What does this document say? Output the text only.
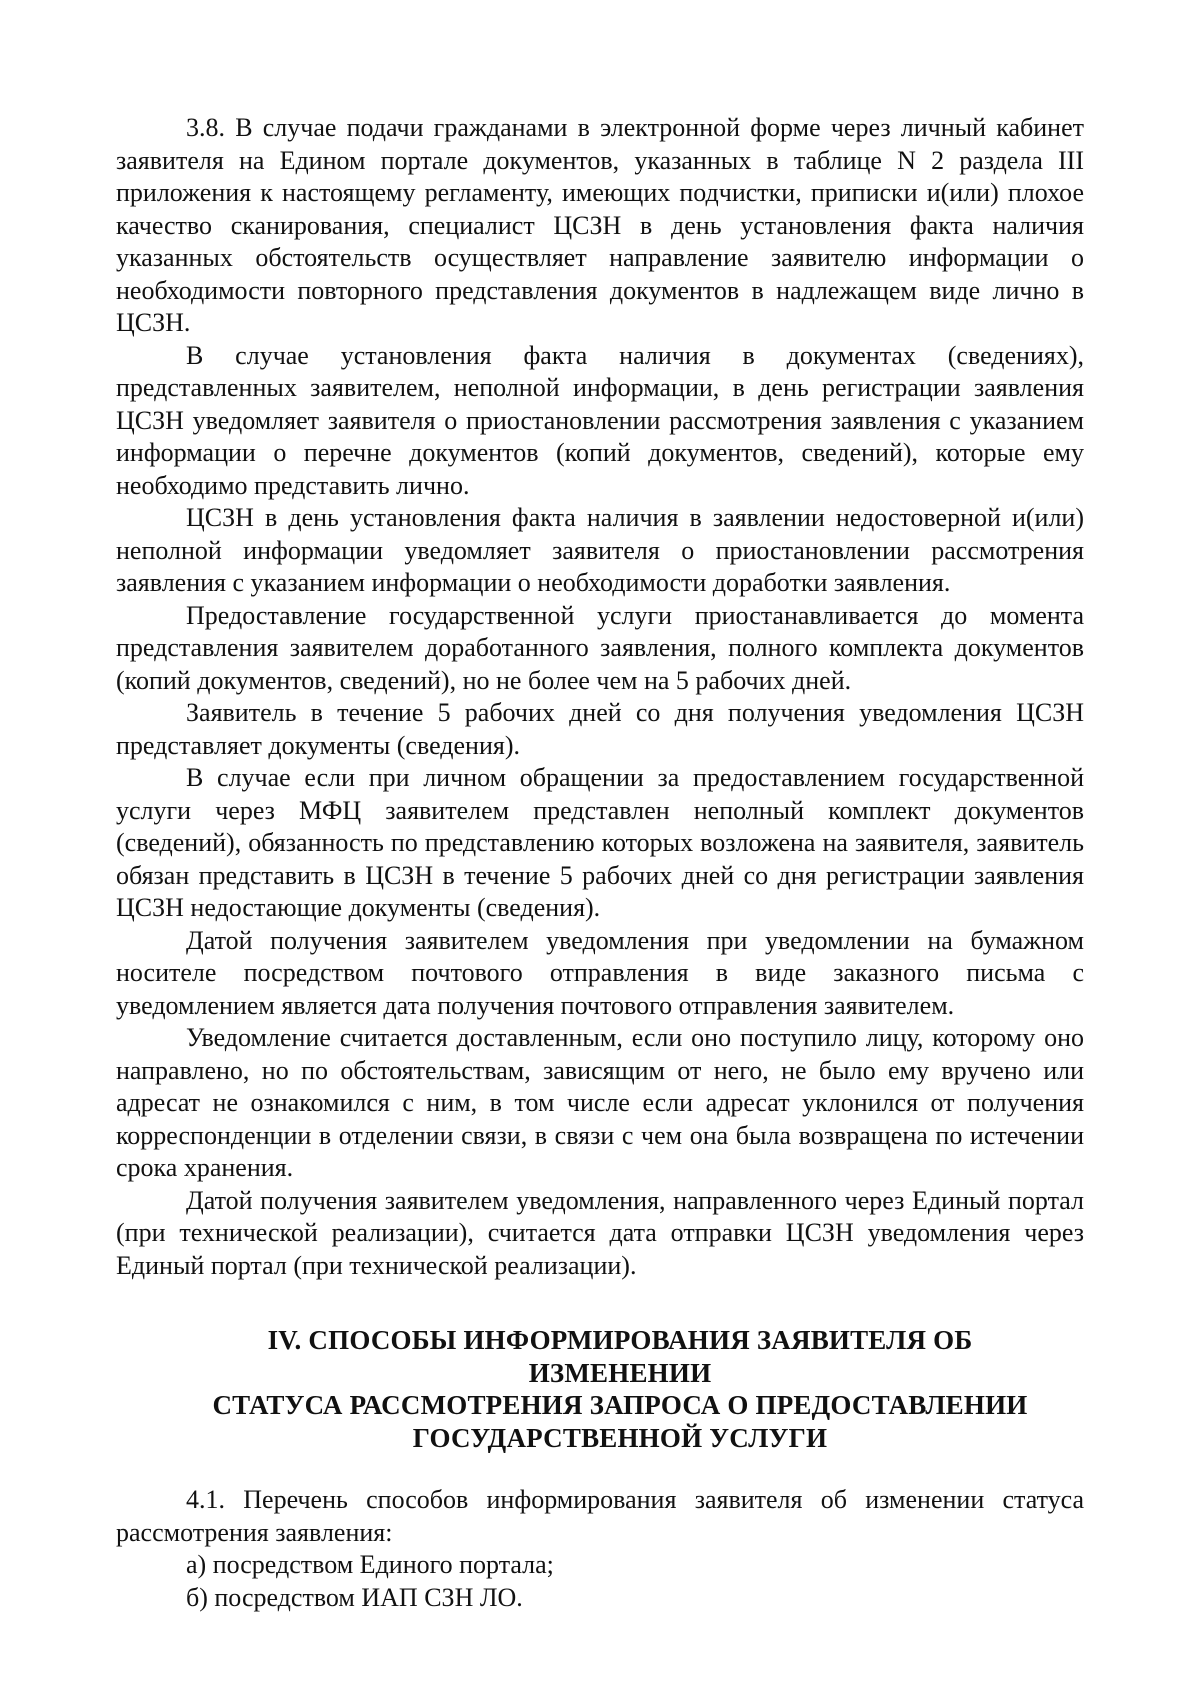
3.8. В случае подачи гражданами в электронной форме через личный кабинет заявителя на Едином портале документов, указанных в таблице N 2 раздела III приложения к настоящему регламенту, имеющих подчистки, приписки и(или) плохое качество сканирования, специалист ЦСЗН в день установления факта наличия указанных обстоятельств осуществляет направление заявителю информации о необходимости повторного представления документов в надлежащем виде лично в ЦСЗН.

В случае установления факта наличия в документах (сведениях), представленных заявителем, неполной информации, в день регистрации заявления ЦСЗН уведомляет заявителя о приостановлении рассмотрения заявления с указанием информации о перечне документов (копий документов, сведений), которые ему необходимо представить лично.

ЦСЗН в день установления факта наличия в заявлении недостоверной и(или) неполной информации уведомляет заявителя о приостановлении рассмотрения заявления с указанием информации о необходимости доработки заявления.

Предоставление государственной услуги приостанавливается до момента представления заявителем доработанного заявления, полного комплекта документов (копий документов, сведений), но не более чем на 5 рабочих дней.

Заявитель в течение 5 рабочих дней со дня получения уведомления ЦСЗН представляет документы (сведения).

В случае если при личном обращении за предоставлением государственной услуги через МФЦ заявителем представлен неполный комплект документов (сведений), обязанность по представлению которых возложена на заявителя, заявитель обязан представить в ЦСЗН в течение 5 рабочих дней со дня регистрации заявления ЦСЗН недостающие документы (сведения).

Датой получения заявителем уведомления при уведомлении на бумажном носителе посредством почтового отправления в виде заказного письма с уведомлением является дата получения почтового отправления заявителем.

Уведомление считается доставленным, если оно поступило лицу, которому оно направлено, но по обстоятельствам, зависящим от него, не было ему вручено или адресат не ознакомился с ним, в том числе если адресат уклонился от получения корреспонденции в отделении связи, в связи с чем она была возвращена по истечении срока хранения.

Датой получения заявителем уведомления, направленного через Единый портал (при технической реализации), считается дата отправки ЦСЗН уведомления через Единый портал (при технической реализации).

IV. СПОСОБЫ ИНФОРМИРОВАНИЯ ЗАЯВИТЕЛЯ ОБ ИЗМЕНЕНИИ
СТАТУСА РАССМОТРЕНИЯ ЗАПРОСА О ПРЕДОСТАВЛЕНИИ
ГОСУДАРСТВЕННОЙ УСЛУГИ

4.1. Перечень способов информирования заявителя об изменении статуса рассмотрения заявления:

а) посредством Единого портала;

б) посредством ИАП СЗН ЛО.
